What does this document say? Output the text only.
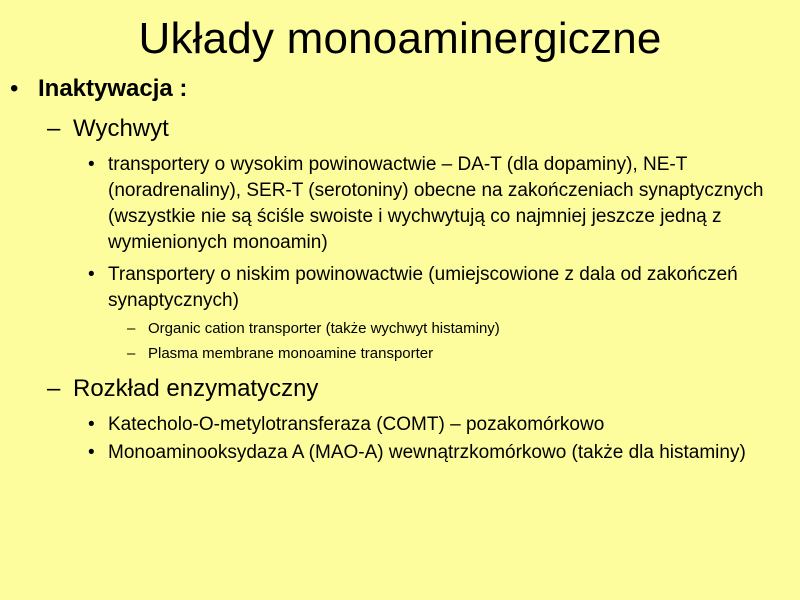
Układy monoaminergiczne
• Inaktywacja :
– Wychwyt
• transportery o wysokim powinowactwie – DA-T (dla dopaminy), NE-T (noradrenaliny), SER-T (serotoniny) obecne na zakończeniach synaptycznych (wszystkie nie są ściśle swoiste i wychwytują co najmniej jeszcze jedną z wymienionych monoamin)
• Transportery o niskim powinowactwie (umiejscowione z dala od zakończeń synaptycznych)
– Organic cation transporter (także wychwyt histaminy)
– Plasma membrane monoamine transporter
– Rozkład enzymatyczny
• Katecholo-O-metylotransferaza (COMT) – pozakomórkowo
• Monoaminooksydaza A (MAO-A) wewnątrzkomórkowo (także dla histaminy)
